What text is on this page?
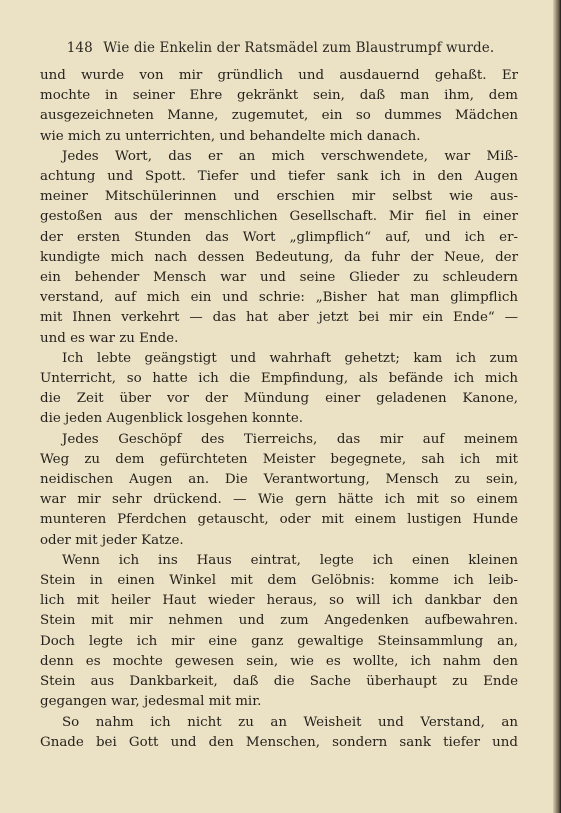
148 Wie die Enkelin der Ratsmädel zum Blaustrumpf wurde.
und wurde von mir gründlich und ausdauernd gehaßt. Er
mochte in seiner Ehre gekränkt sein, daß man ihm, dem
ausgezeichneten Manne, zugemutet, ein so dummes Mädchen
wie mich zu unterrichten, und behandelte mich danach.
Jedes Wort, das er an mich verschwendete, war Miß-
achtung und Spott. Tiefer und tiefer sank ich in den Augen
meiner Mitschülerinnen und erschien mir selbst wie aus-
gestoßen aus der menschlichen Gesellschaft. Mir fiel in einer
der ersten Stunden das Wort „glimpflich“ auf, und ich er-
kundigte mich nach dessen Bedeutung, da fuhr der Neue, der
ein behender Mensch war und seine Glieder zu schleudern
verstand, auf mich ein und schrie: „Bisher hat man glimpflich
mit Ihnen verkehrt — das hat aber jetzt bei mir ein Ende“ —
und es war zu Ende.
Ich lebte geängstigt und wahrhaft gehetzt; kam ich zum
Unterricht, so hatte ich die Empfindung, als befände ich mich
die Zeit über vor der Mündung einer geladenen Kanone,
die jeden Augenblick losgehen konnte.
Jedes Geschöpf des Tierreichs, das mir auf meinem
Weg zu dem gefürchteten Meister begegnete, sah ich mit
neidischen Augen an. Die Verantwortung, Mensch zu sein,
war mir sehr drückend. — Wie gern hätte ich mit so einem
munteren Pferdchen getauscht, oder mit einem lustigen Hunde
oder mit jeder Katze.
Wenn ich ins Haus eintrat, legte ich einen kleinen
Stein in einen Winkel mit dem Gelöbnis: komme ich leib-
lich mit heiler Haut wieder heraus, so will ich dankbar den
Stein mit mir nehmen und zum Angedenken aufbewahren.
Doch legte ich mir eine ganz gewaltige Steinsammlung an,
denn es mochte gewesen sein, wie es wollte, ich nahm den
Stein aus Dankbarkeit, daß die Sache überhaupt zu Ende
gegangen war, jedesmal mit mir.
So nahm ich nicht zu an Weisheit und Verstand, an
Gnade bei Gott und den Menschen, sondern sank tiefer und
